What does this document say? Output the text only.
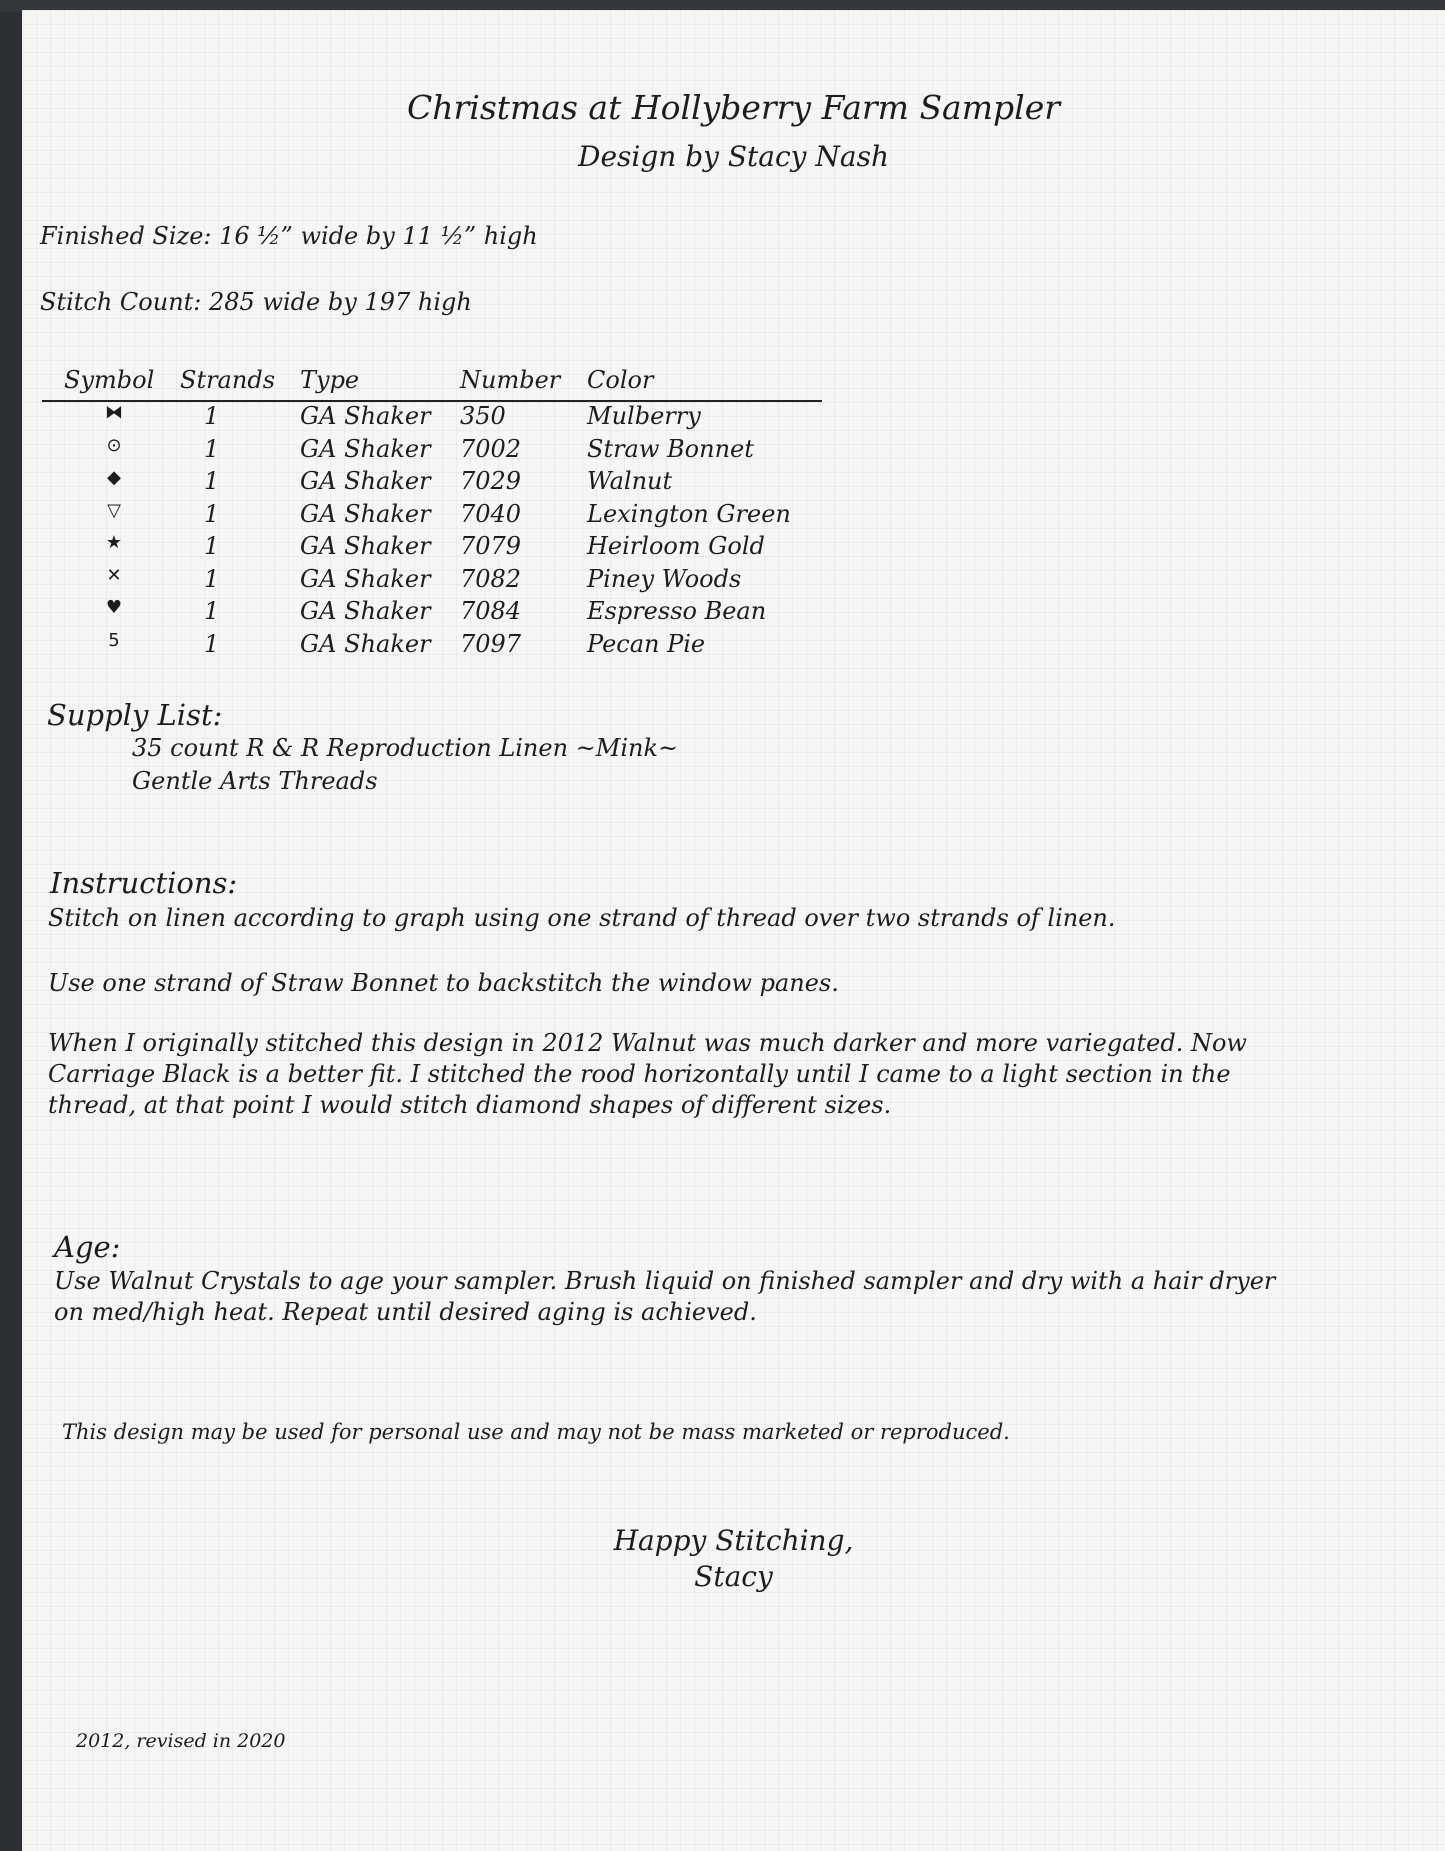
Christmas at Hollyberry Farm Sampler
Design by Stacy Nash
Finished Size: 16 ½” wide by 11 ½” high
Stitch Count: 285 wide by 197 high
Symbol Strands Type	Number Color
⧓	1	GA Shaker 350	Mulberry
⊙	1	GA Shaker 7002	Straw Bonnet
◆	1	GA Shaker 7029	Walnut
▽	1	GA Shaker 7040	Lexington Green
★	1	GA Shaker 7079	Heirloom Gold
✕	1	GA Shaker 7082	Piney Woods
♥	1	GA Shaker 7084	Espresso Bean
5	1	GA Shaker 7097	Pecan Pie
Supply List:
35 count R & R Reproduction Linen ~Mink~
Gentle Arts Threads
Instructions:
Stitch on linen according to graph using one strand of thread over two strands of linen.
Use one strand of Straw Bonnet to backstitch the window panes.
When I originally stitched this design in 2012 Walnut was much darker and more variegated. Now
Carriage Black is a better fit. I stitched the rood horizontally until I came to a light section in the
thread, at that point I would stitch diamond shapes of different sizes.
Age:
Use Walnut Crystals to age your sampler. Brush liquid on finished sampler and dry with a hair dryer
on med/high heat. Repeat until desired aging is achieved.
This design may be used for personal use and may not be mass marketed or reproduced.
Happy Stitching,
Stacy
2012, revised in 2020
